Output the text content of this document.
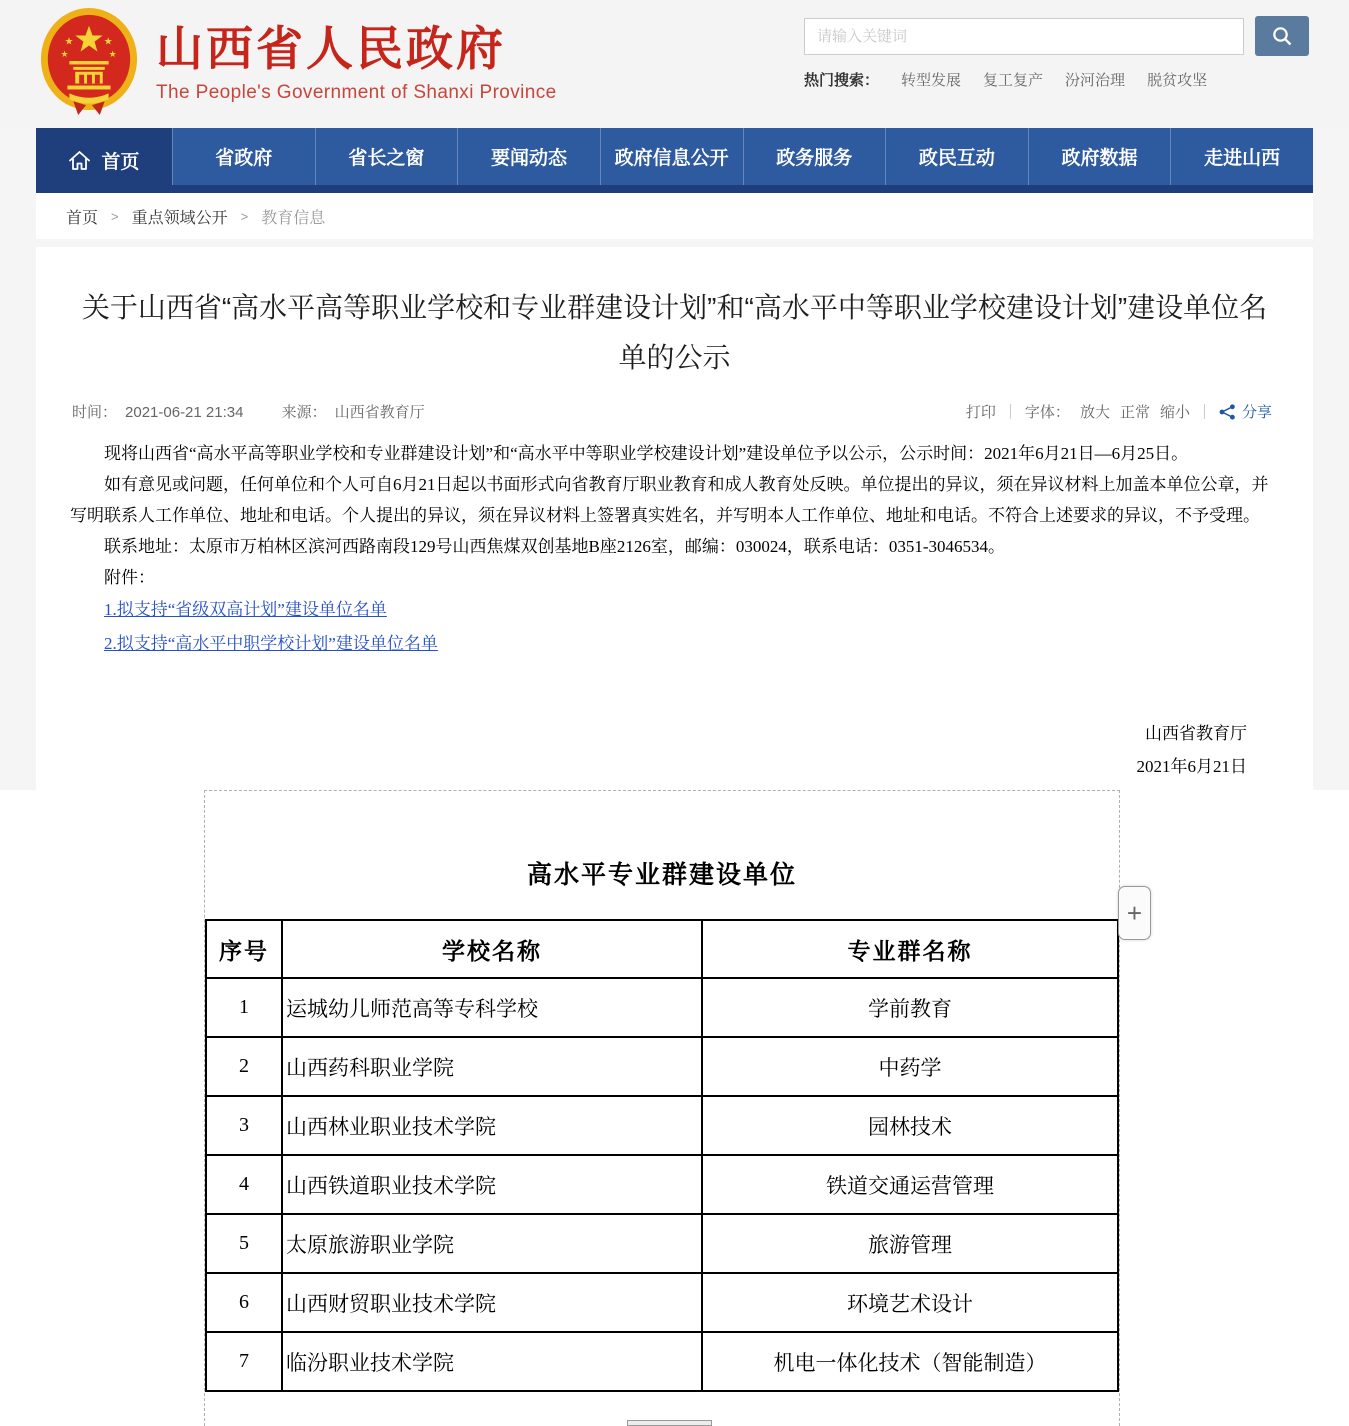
★	★
★	★ 山西省人民政府
The People's Government of Shanxi Province
请输入关键词
热门搜索： 转型发展 复工复产 汾河治理 脱贫攻坚
首页	省政府	省长之窗	要闻动态	政府信息公开	政务服务	政民互动	政府数据	走进山西
首页 > 重点领域公开 > 教育信息
关于山西省“高水平高等职业学校和专业群建设计划”和“高水平中等职业学校建设计划”建设单位名单的公示
时间： 2021-06-21 21:34	来源： 山西省教育厅	打印 字体： 放大 正常 缩小	分享

现将山西省“高水平高等职业学校和专业群建设计划”和“高水平中等职业学校建设计划”建设单位予以公示，公示时间：2021年6月21日—6月25日。

如有意见或问题，任何单位和个人可自6月21日起以书面形式向省教育厅职业教育和成人教育处反映。单位提出的异议，须在异议材料上加盖本单位公章，并写明联系人工作单位、地址和电话。个人提出的异议，须在异议材料上签署真实姓名，并写明本人工作单位、地址和电话。不符合上述要求的异议，不予受理。

联系地址：太原市万柏林区滨河西路南段129号山西焦煤双创基地B座2126室，邮编：030024，联系电话：0351-3046534。

附件：

1.拟支持“省级双高计划”建设单位名单
2.拟支持“高水平中职学校计划”建设单位名单
山西省教育厅
2021年6月21日
高水平专业群建设单位
序号	学校名称	专业群名称
1	运城幼儿师范高等专科学校	学前教育
2	山西药科职业学院	中药学
3	山西林业职业技术学院	园林技术
4	山西铁道职业技术学院	铁道交通运营管理
5	太原旅游职业学院	旅游管理
6	山西财贸职业技术学院	环境艺术设计
7	临汾职业技术学院	机电一体化技术（智能制造）
+
